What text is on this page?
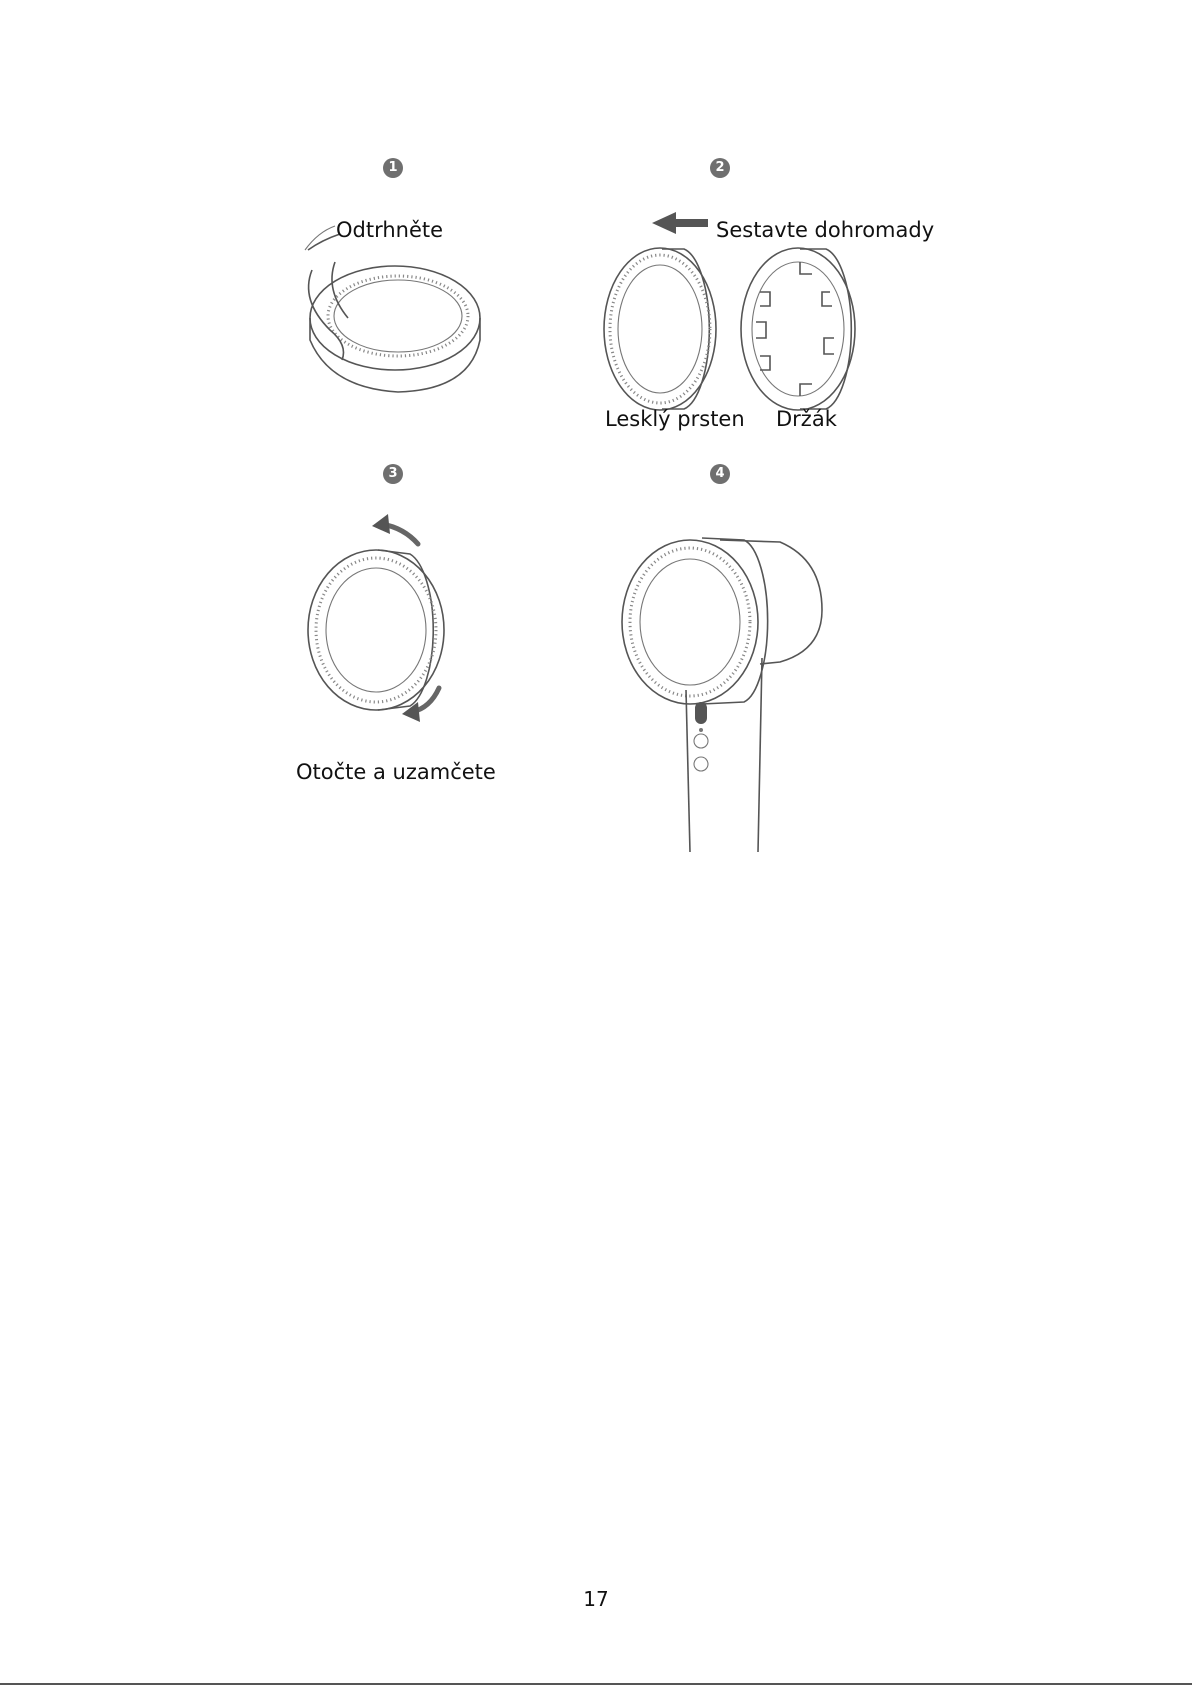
1	2
3	4
Odtrhněte	Sestavte dohromady
Lesklý prsten Držák
Otočte a uzamčete
17
